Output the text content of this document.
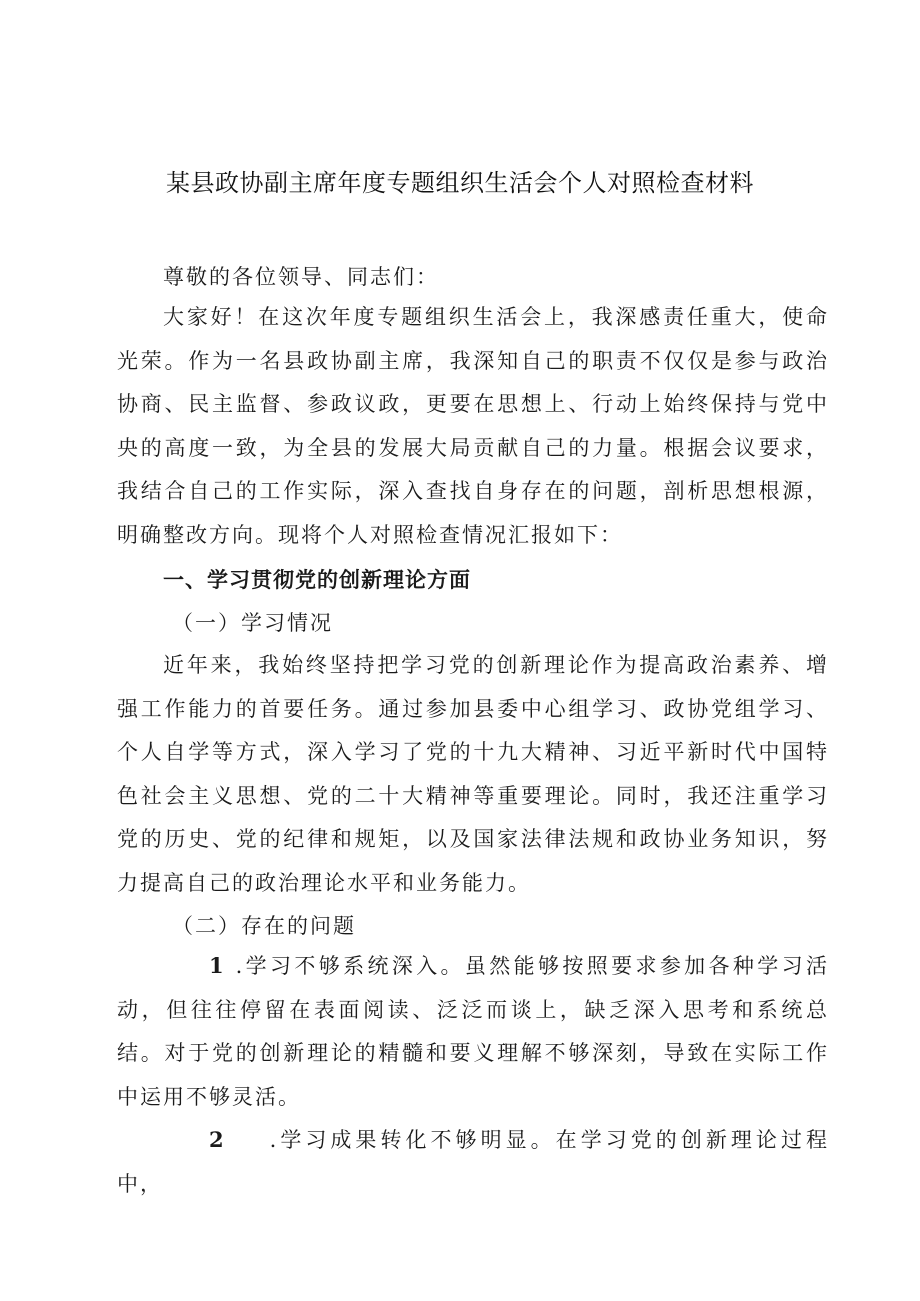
某县政协副主席年度专题组织生活会个人对照检查材料

尊敬的各位领导、同志们：

大家好！在这次年度专题组织生活会上，我深感责任重大，使命光荣。作为一名县政协副主席，我深知自己的职责不仅仅是参与政治协商、民主监督、参政议政，更要在思想上、行动上始终保持与党中央的高度一致，为全县的发展大局贡献自己的力量。根据会议要求，我结合自己的工作实际，深入查找自身存在的问题，剖析思想根源，明确整改方向。现将个人对照检查情况汇报如下：

一、学习贯彻党的创新理论方面

（一）学习情况

近年来，我始终坚持把学习党的创新理论作为提高政治素养、增强工作能力的首要任务。通过参加县委中心组学习、政协党组学习、个人自学等方式，深入学习了党的十九大精神、习近平新时代中国特色社会主义思想、党的二十大精神等重要理论。同时，我还注重学习党的历史、党的纪律和规矩，以及国家法律法规和政协业务知识，努力提高自己的政治理论水平和业务能力。

（二）存在的问题

1 .学习不够系统深入。虽然能够按照要求参加各种学习活动，但往往停留在表面阅读、泛泛而谈上，缺乏深入思考和系统总结。对于党的创新理论的精髓和要义理解不够深刻，导致在实际工作中运用不够灵活。

2 .学习成果转化不够明显。在学习党的创新理论过程中，
